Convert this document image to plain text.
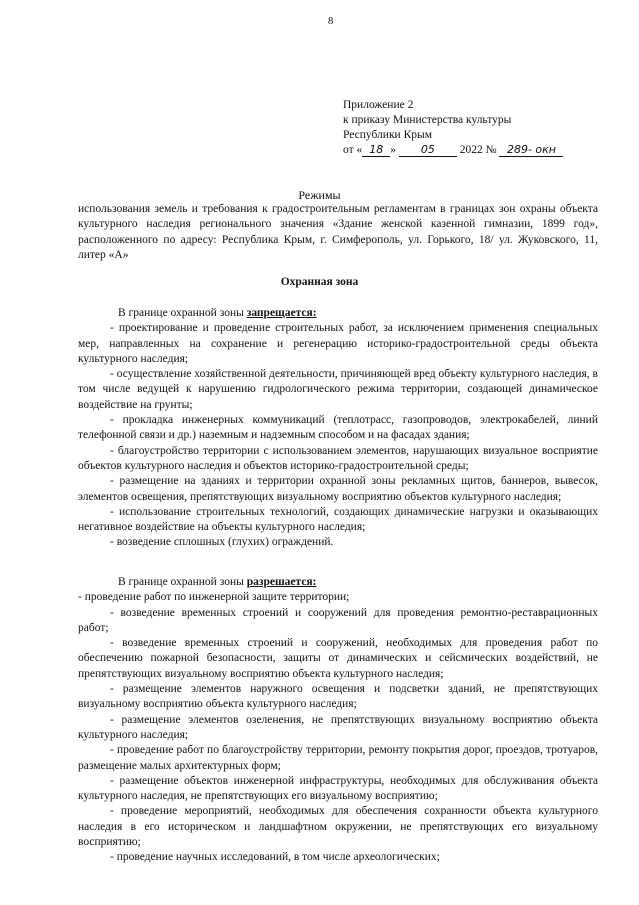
8
Приложение 2
к приказу Министерства культуры
Республики Крым
от « 18 » 05 2022 № 289- окн
Режимы
использования земель и требования к градостроительным регламентам в границах зон охраны объекта культурного наследия регионального значения «Здание женской казенной гимназии, 1899 год», расположенного по адресу: Республика Крым, г. Симферополь, ул. Горького, 18/ ул. Жуковского, 11, литер «А»
Охранная зона

В границе охранной зоны запрещается:

- проектирование и проведение строительных работ, за исключением применения специальных мер, направленных на сохранение и регенерацию историко-градостроительной среды объекта культурного наследия;

- осуществление хозяйственной деятельности, причиняющей вред объекту культурного наследия, в том числе ведущей к нарушению гидрологического режима территории, создающей динамическое воздействие на грунты;

- прокладка инженерных коммуникаций (теплотрасс, газопроводов, электрокабелей, линий телефонной связи и др.) наземным и надземным способом и на фасадах здания;

- благоустройство территории с использованием элементов, нарушающих визуальное восприятие объектов культурного наследия и объектов историко-градостроительной среды;

- размещение на зданиях и территории охранной зоны рекламных щитов, баннеров, вывесок, элементов освещения, препятствующих визуальному восприятию объектов культурного наследия;

- использование строительных технологий, создающих динамические нагрузки и оказывающих негативное воздействие на объекты культурного наследия;

- возведение сплошных (глухих) ограждений.

В границе охранной зоны разрешается:

- проведение работ по инженерной защите территории;

- возведение временных строений и сооружений для проведения ремонтно-реставрационных работ;

- возведение временных строений и сооружений, необходимых для проведения работ по обеспечению пожарной безопасности, защиты от динамических и сейсмических воздействий, не препятствующих визуальному восприятию объекта культурного наследия;

- размещение элементов наружного освещения и подсветки зданий, не препятствующих визуальному восприятию объекта культурного наследия;

- размещение элементов озеленения, не препятствующих визуальному восприятию объекта культурного наследия;

- проведение работ по благоустройству территории, ремонту покрытия дорог, проездов, тротуаров, размещение малых архитектурных форм;

- размещение объектов инженерной инфраструктуры, необходимых для обслуживания объекта культурного наследия, не препятствующих его визуальному восприятию;

- проведение мероприятий, необходимых для обеспечения сохранности объекта культурного наследия в его историческом и ландшафтном окружении, не препятствующих его визуальному восприятию;

- проведение научных исследований, в том числе археологических;
